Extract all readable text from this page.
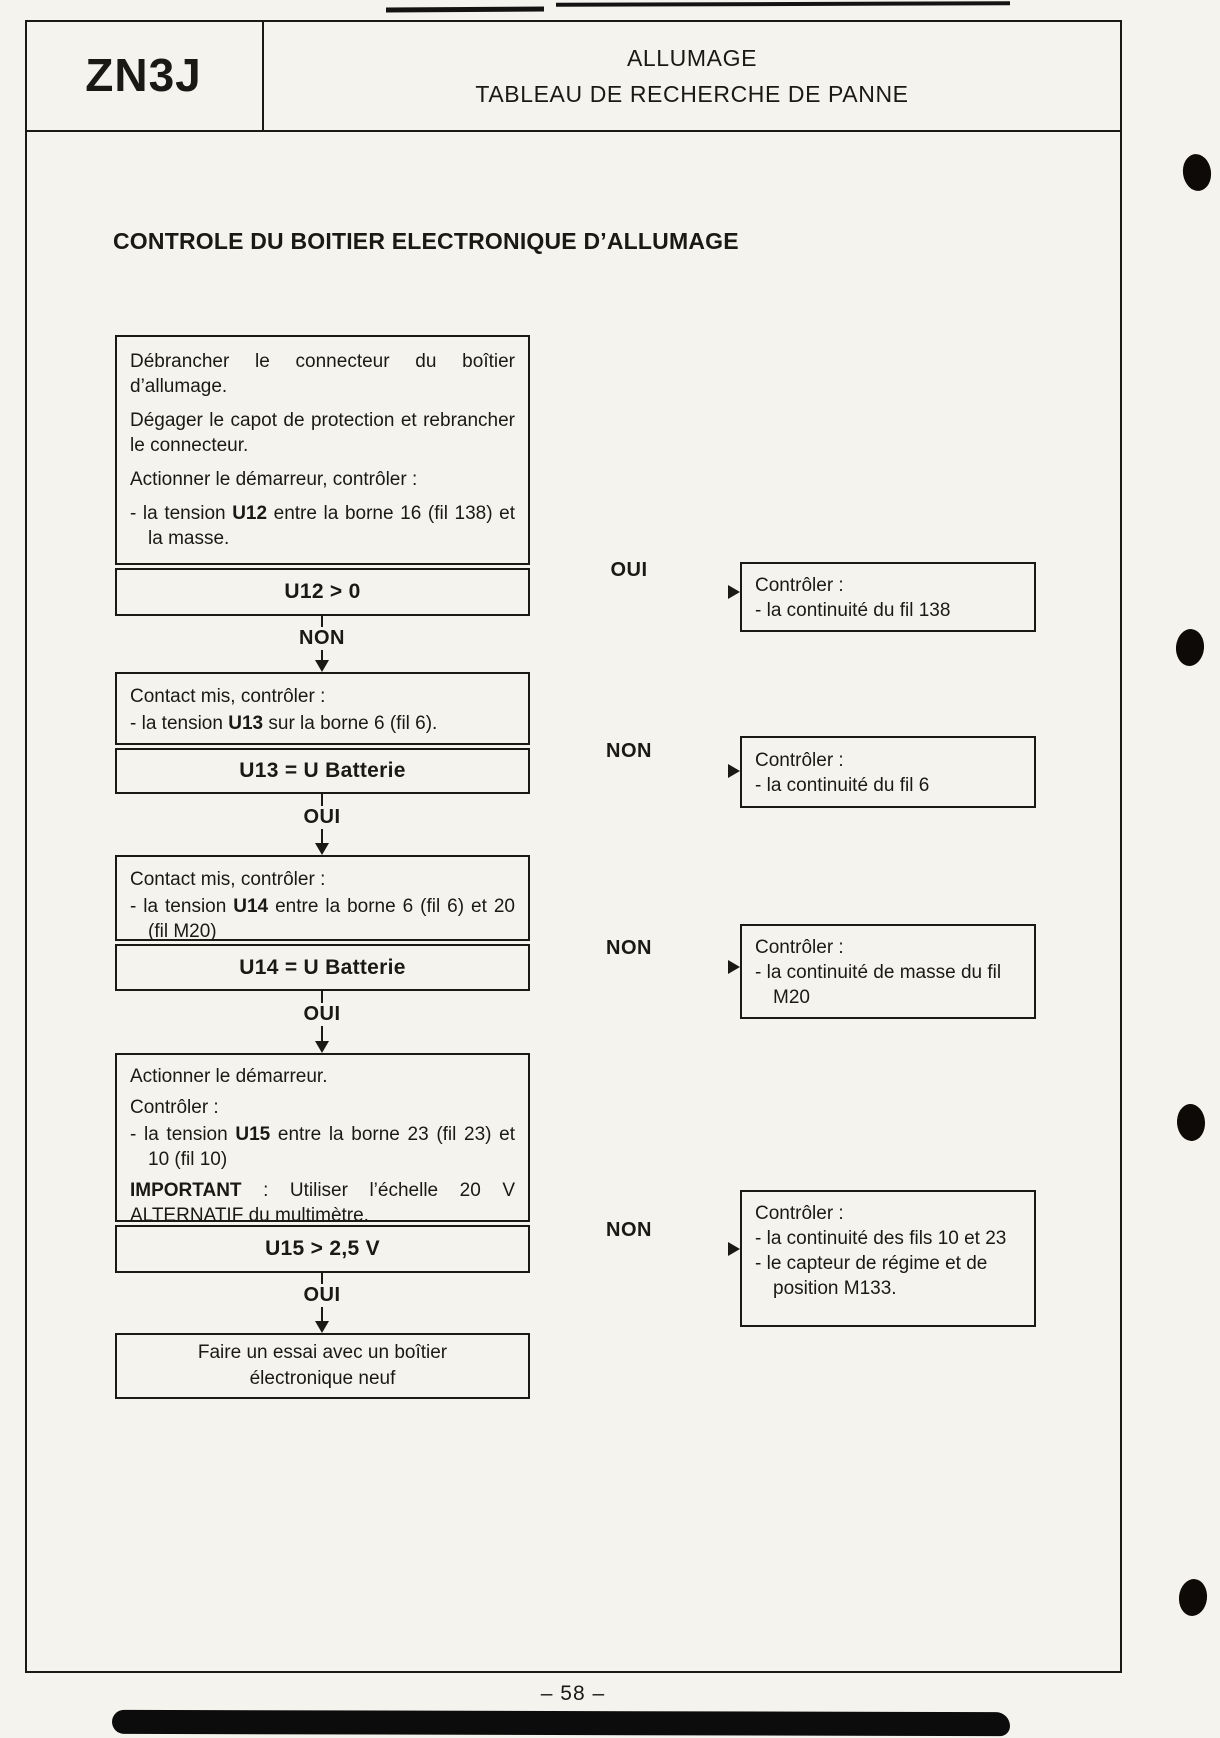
ZN3J	ALLUMAGE
TABLEAU DE RECHERCHE DE PANNE
CONTROLE DU BOITIER ELECTRONIQUE D’ALLUMAGE

Débrancher le connecteur du boîtier d’allumage.

Dégager le capot de protection et rebrancher le connecteur.

Actionner le démarreur, contrôler :

- la tension U12 entre la borne 16 (fil 138) et la masse.

U12 > 0
OUI

Contrôler :

- la continuité du fil 138

NON

Contact mis, contrôler :

- la tension U13 sur la borne 6 (fil 6).

U13 = U Batterie
NON	Contrôler :

- la continuité du fil 6

OUI

Contact mis, contrôler :

- la tension U14 entre la borne 6 (fil 6) et 20 (fil M20)

U14 = U Batterie
NON	Contrôler :

- la continuité de masse du fil M20

OUI

Actionner le démarreur.

Contrôler :

- la tension U15 entre la borne 23 (fil 23) et 10 (fil 10)

IMPORTANT : Utiliser l’échelle 20 V ALTERNATIF du multimètre.

U15 > 2,5 V
NON

Contrôler :

- la continuité des fils 10 et 23

- le capteur de régime et de position M133.

OUI
Faire un essai avec un boîtier électronique neuf
– 58 –
